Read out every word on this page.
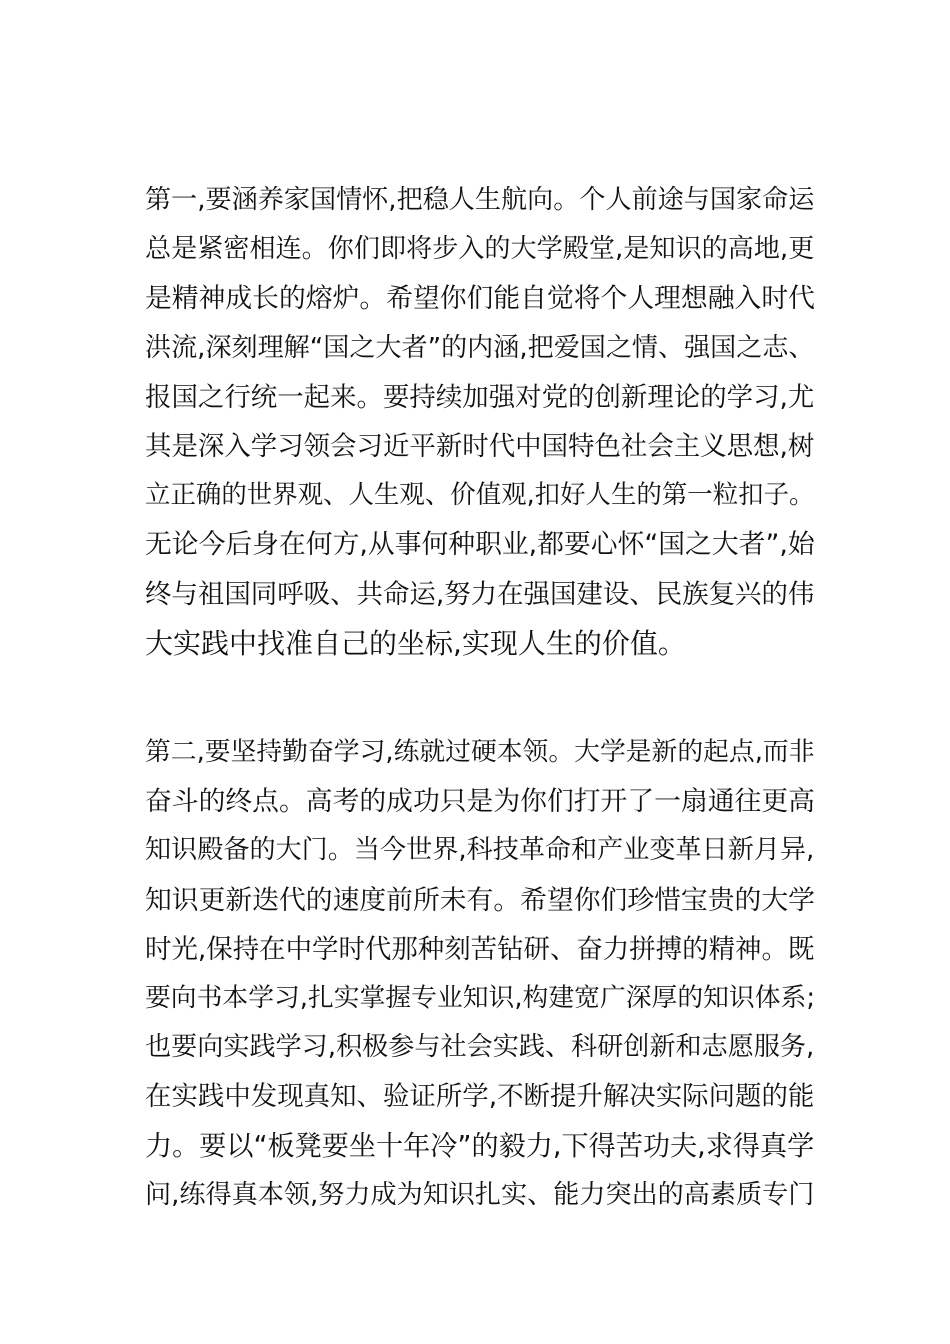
第一,要涵养家国情怀,把稳人生航向。个人前途与国家命运
总是紧密相连。你们即将步入的大学殿堂,是知识的高地,更
是精神成长的熔炉。希望你们能自觉将个人理想融入时代
洪流,深刻理解“国之大者”的内涵,把爱国之情、强国之志、
报国之行统一起来。要持续加强对党的创新理论的学习,尤
其是深入学习领会习近平新时代中国特色社会主义思想,树
立正确的世界观、人生观、价值观,扣好人生的第一粒扣子。
无论今后身在何方,从事何种职业,都要心怀“国之大者”,始
终与祖国同呼吸、共命运,努力在强国建设、民族复兴的伟
大实践中找准自己的坐标,实现人生的价值。

第二,要坚持勤奋学习,练就过硬本领。大学是新的起点,而非
奋斗的终点。高考的成功只是为你们打开了一扇通往更高
知识殿备的大门。当今世界,科技革命和产业变革日新月异,
知识更新迭代的速度前所未有。希望你们珍惜宝贵的大学
时光,保持在中学时代那种刻苦钻研、奋力拼搏的精神。既
要向书本学习,扎实掌握专业知识,构建宽广深厚的知识体系;
也要向实践学习,积极参与社会实践、科研创新和志愿服务,
在实践中发现真知、验证所学,不断提升解决实际问题的能
力。要以“板凳要坐十年冷”的毅力,下得苦功夫,求得真学
问,练得真本领,努力成为知识扎实、能力突出的高素质专门
